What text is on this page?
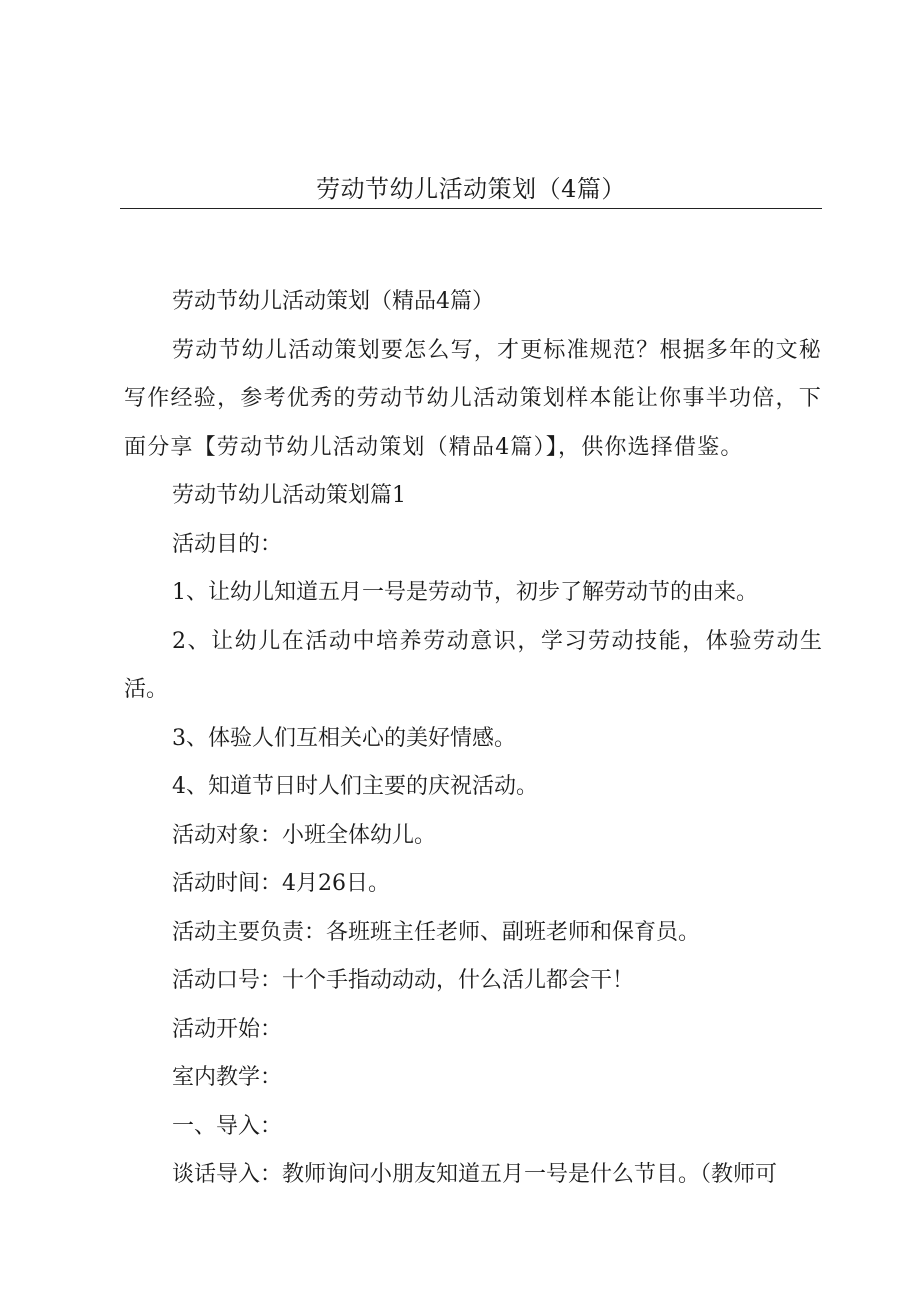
劳动节幼儿活动策划（4篇）

劳动节幼儿活动策划（精品4篇）

劳动节幼儿活动策划要怎么写，才更标准规范？根据多年的文秘写作经验，参考优秀的劳动节幼儿活动策划样本能让你事半功倍，下面分享【劳动节幼儿活动策划（精品4篇）】，供你选择借鉴。

劳动节幼儿活动策划篇1

活动目的：

1、让幼儿知道五月一号是劳动节，初步了解劳动节的由来。

2、让幼儿在活动中培养劳动意识，学习劳动技能，体验劳动生活。

3、体验人们互相关心的美好情感。

4、知道节日时人们主要的庆祝活动。

活动对象：小班全体幼儿。

活动时间：4月26日。

活动主要负责：各班班主任老师、副班老师和保育员。

活动口号：十个手指动动动，什么活儿都会干！

活动开始：

室内教学：

一、导入：

谈话导入：教师询问小朋友知道五月一号是什么节目。（教师可
